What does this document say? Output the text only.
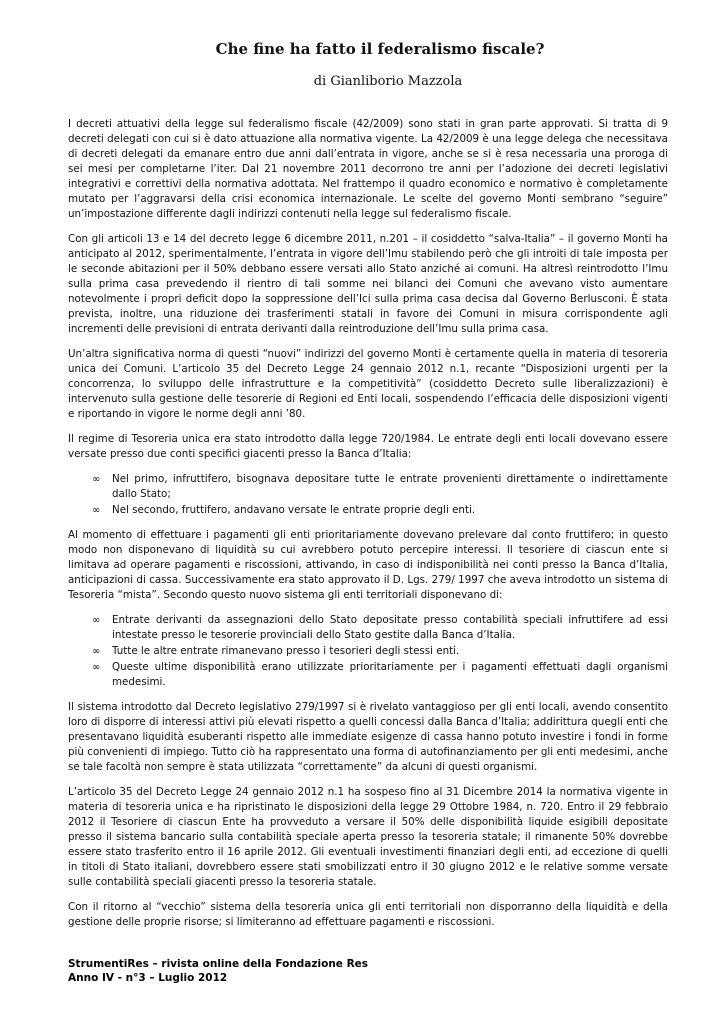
Che fine ha fatto il federalismo fiscale?

di Gianliborio Mazzola

I decreti attuativi della legge sul federalismo fiscale (42/2009) sono stati in gran parte approvati. Si tratta di 9 decreti delegati con cui si è dato attuazione alla normativa vigente. La 42/2009 è una legge delega che necessitava di decreti delegati da emanare entro due anni dall’entrata in vigore, anche se si è resa necessaria una proroga di sei mesi per completarne l’iter. Dal 21 novembre 2011 decorrono tre anni per l’adozione dei decreti legislativi integrativi e correttivi della normativa adottata. Nel frattempo il quadro economico e normativo è completamente mutato per l’aggravarsi della crisi economica internazionale. Le scelte del governo Monti sembrano “seguire” un’impostazione differente dagli indirizzi contenuti nella legge sul federalismo fiscale.

Con gli articoli 13 e 14 del decreto legge 6 dicembre 2011, n.201 – il cosiddetto “salva-Italia” – il governo Monti ha anticipato al 2012, sperimentalmente, l’entrata in vigore dell’Imu stabilendo però che gli introiti di tale imposta per le seconde abitazioni per il 50% debbano essere versati allo Stato anziché ai comuni. Ha altresì reintrodotto l’Imu sulla prima casa prevedendo il rientro di tali somme nei bilanci dei Comuni che avevano visto aumentare notevolmente i propri deficit dopo la soppressione dell’Ici sulla prima casa decisa dal Governo Berlusconi. È stata prevista, inoltre, una riduzione dei trasferimenti statali in favore dei Comuni in misura corrispondente agli incrementi delle previsioni di entrata derivanti dalla reintroduzione dell’Imu sulla prima casa.

Un’altra significativa norma di questi “nuovi” indirizzi del governo Monti è certamente quella in materia di tesoreria unica dei Comuni. L’articolo 35 del Decreto Legge 24 gennaio 2012 n.1, recante “Disposizioni urgenti per la concorrenza, lo sviluppo delle infrastrutture e la competitività” (cosiddetto Decreto sulle liberalizzazioni) è intervenuto sulla gestione delle tesorerie di Regioni ed Enti locali, sospendendo l’efficacia delle disposizioni vigenti e riportando in vigore le norme degli anni ’80.

Il regime di Tesoreria unica era stato introdotto dalla legge 720/1984. Le entrate degli enti locali dovevano essere versate presso due conti specifici giacenti presso la Banca d’Italia:

∞ Nel primo, infruttifero, bisognava depositare tutte le entrate provenienti direttamente o indirettamente dallo Stato;
∞ Nel secondo, fruttifero, andavano versate le entrate proprie degli enti.

Al momento di effettuare i pagamenti gli enti prioritariamente dovevano prelevare dal conto fruttifero; in questo modo non disponevano di liquidità su cui avrebbero potuto percepire interessi. Il tesoriere di ciascun ente si limitava ad operare pagamenti e riscossioni, attivando, in caso di indisponibilità nei conti presso la Banca d’Italia, anticipazioni di cassa. Successivamente era stato approvato il D. Lgs. 279/ 1997 che aveva introdotto un sistema di Tesoreria “mista”. Secondo questo nuovo sistema gli enti territoriali disponevano di:

∞ Entrate derivanti da assegnazioni dello Stato depositate presso contabilità speciali infruttifere ad essi intestate presso le tesorerie provinciali dello Stato gestite dalla Banca d’Italia.
∞ Tutte le altre entrate rimanevano presso i tesorieri degli stessi enti.
∞ Queste ultime disponibilità erano utilizzate prioritariamente per i pagamenti effettuati dagli organismi medesimi.

Il sistema introdotto dal Decreto legislativo 279/1997 si è rivelato vantaggioso per gli enti locali, avendo consentito loro di disporre di interessi attivi più elevati rispetto a quelli concessi dalla Banca d’Italia; addirittura quegli enti che presentavano liquidità esuberanti rispetto alle immediate esigenze di cassa hanno potuto investire i fondi in forme più convenienti di impiego. Tutto ciò ha rappresentato una forma di autofinanziamento per gli enti medesimi, anche se tale facoltà non sempre è stata utilizzata “correttamente” da alcuni di questi organismi.

L’articolo 35 del Decreto Legge 24 gennaio 2012 n.1 ha sospeso fino al 31 Dicembre 2014 la normativa vigente in materia di tesoreria unica e ha ripristinato le disposizioni della legge 29 Ottobre 1984, n. 720. Entro il 29 febbraio 2012 il Tesoriere di ciascun Ente ha provveduto a versare il 50% delle disponibilità liquide esigibili depositate presso il sistema bancario sulla contabilità speciale aperta presso la tesoreria statale; il rimanente 50% dovrebbe essere stato trasferito entro il 16 aprile 2012. Gli eventuali investimenti finanziari degli enti, ad eccezione di quelli in titoli di Stato italiani, dovrebbero essere stati smobilizzati entro il 30 giugno 2012 e le relative somme versate sulle contabilità speciali giacenti presso la tesoreria statale.

Con il ritorno al “vecchio” sistema della tesoreria unica gli enti territoriali non disporranno della liquidità e della gestione delle proprie risorse; si limiteranno ad effettuare pagamenti e riscossioni.

StrumentiRes – rivista online della Fondazione Res
Anno IV - n°3 – Luglio 2012
